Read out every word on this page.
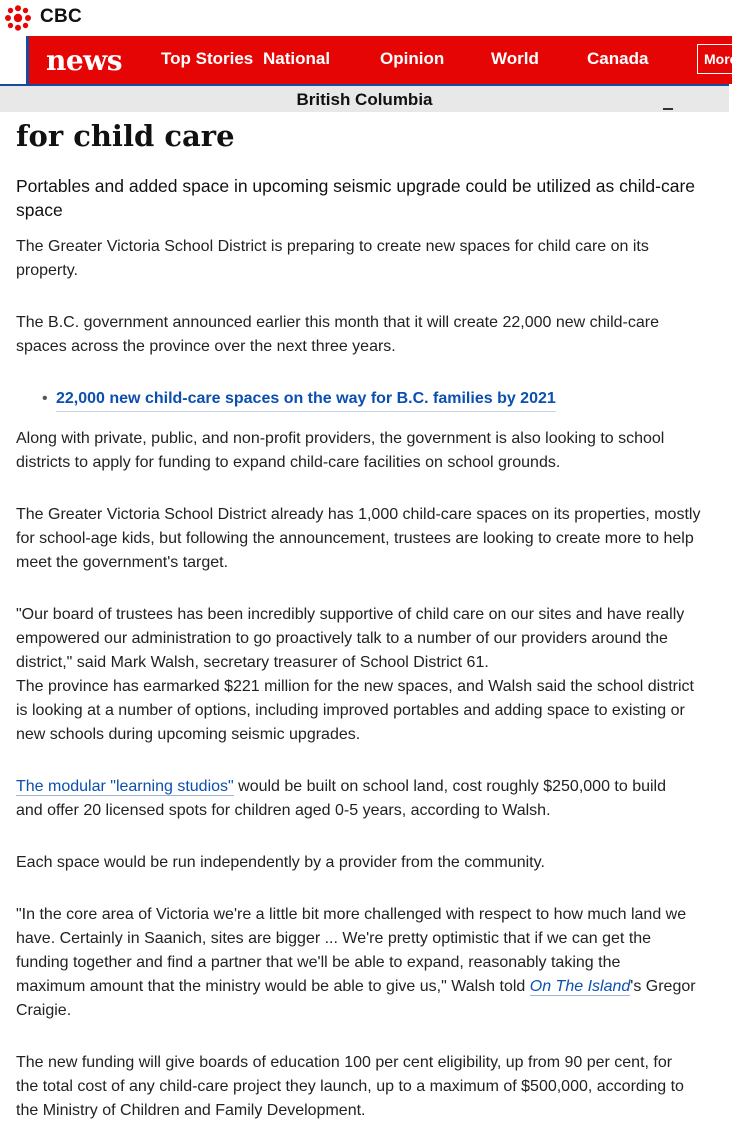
CBC
news Top Stories National	Opinion	World	Canada	More
British Columbia
for child care

Portables and added space in upcoming seismic upgrade could be utilized as child-care space

The Greater Victoria School District is preparing to create new spaces for child care on its
property.

The B.C. government announced earlier this month that it will create 22,000 new child-care
spaces across the province over the next three years.

• 22,000 new child-care spaces on the way for B.C. families by 2021

Along with private, public, and non-profit providers, the government is also looking to school
districts to apply for funding to expand child-care facilities on school grounds.

The Greater Victoria School District already has 1,000 child-care spaces on its properties, mostly
for school-age kids, but following the announcement, trustees are looking to create more to help
meet the government's target.

"Our board of trustees has been incredibly supportive of child care on our sites and have really
empowered our administration to go proactively talk to a number of our providers around the
district," said Mark Walsh, secretary treasurer of School District 61.
The province has earmarked $221 million for the new spaces, and Walsh said the school district
is looking at a number of options, including improved portables and adding space to existing or
new schools during upcoming seismic upgrades.

The modular "learning studios" would be built on school land, cost roughly $250,000 to build
and offer 20 licensed spots for children aged 0-5 years, according to Walsh.

Each space would be run independently by a provider from the community.

"In the core area of Victoria we're a little bit more challenged with respect to how much land we
have. Certainly in Saanich, sites are bigger ... We're pretty optimistic that if we can get the
funding together and find a partner that we'll be able to expand, reasonably taking the
maximum amount that the ministry would be able to give us," Walsh told On The Island's Gregor
Craigie.

The new funding will give boards of education 100 per cent eligibility, up from 90 per cent, for
the total cost of any child-care project they launch, up to a maximum of $500,000, according to
the Ministry of Children and Family Development.
